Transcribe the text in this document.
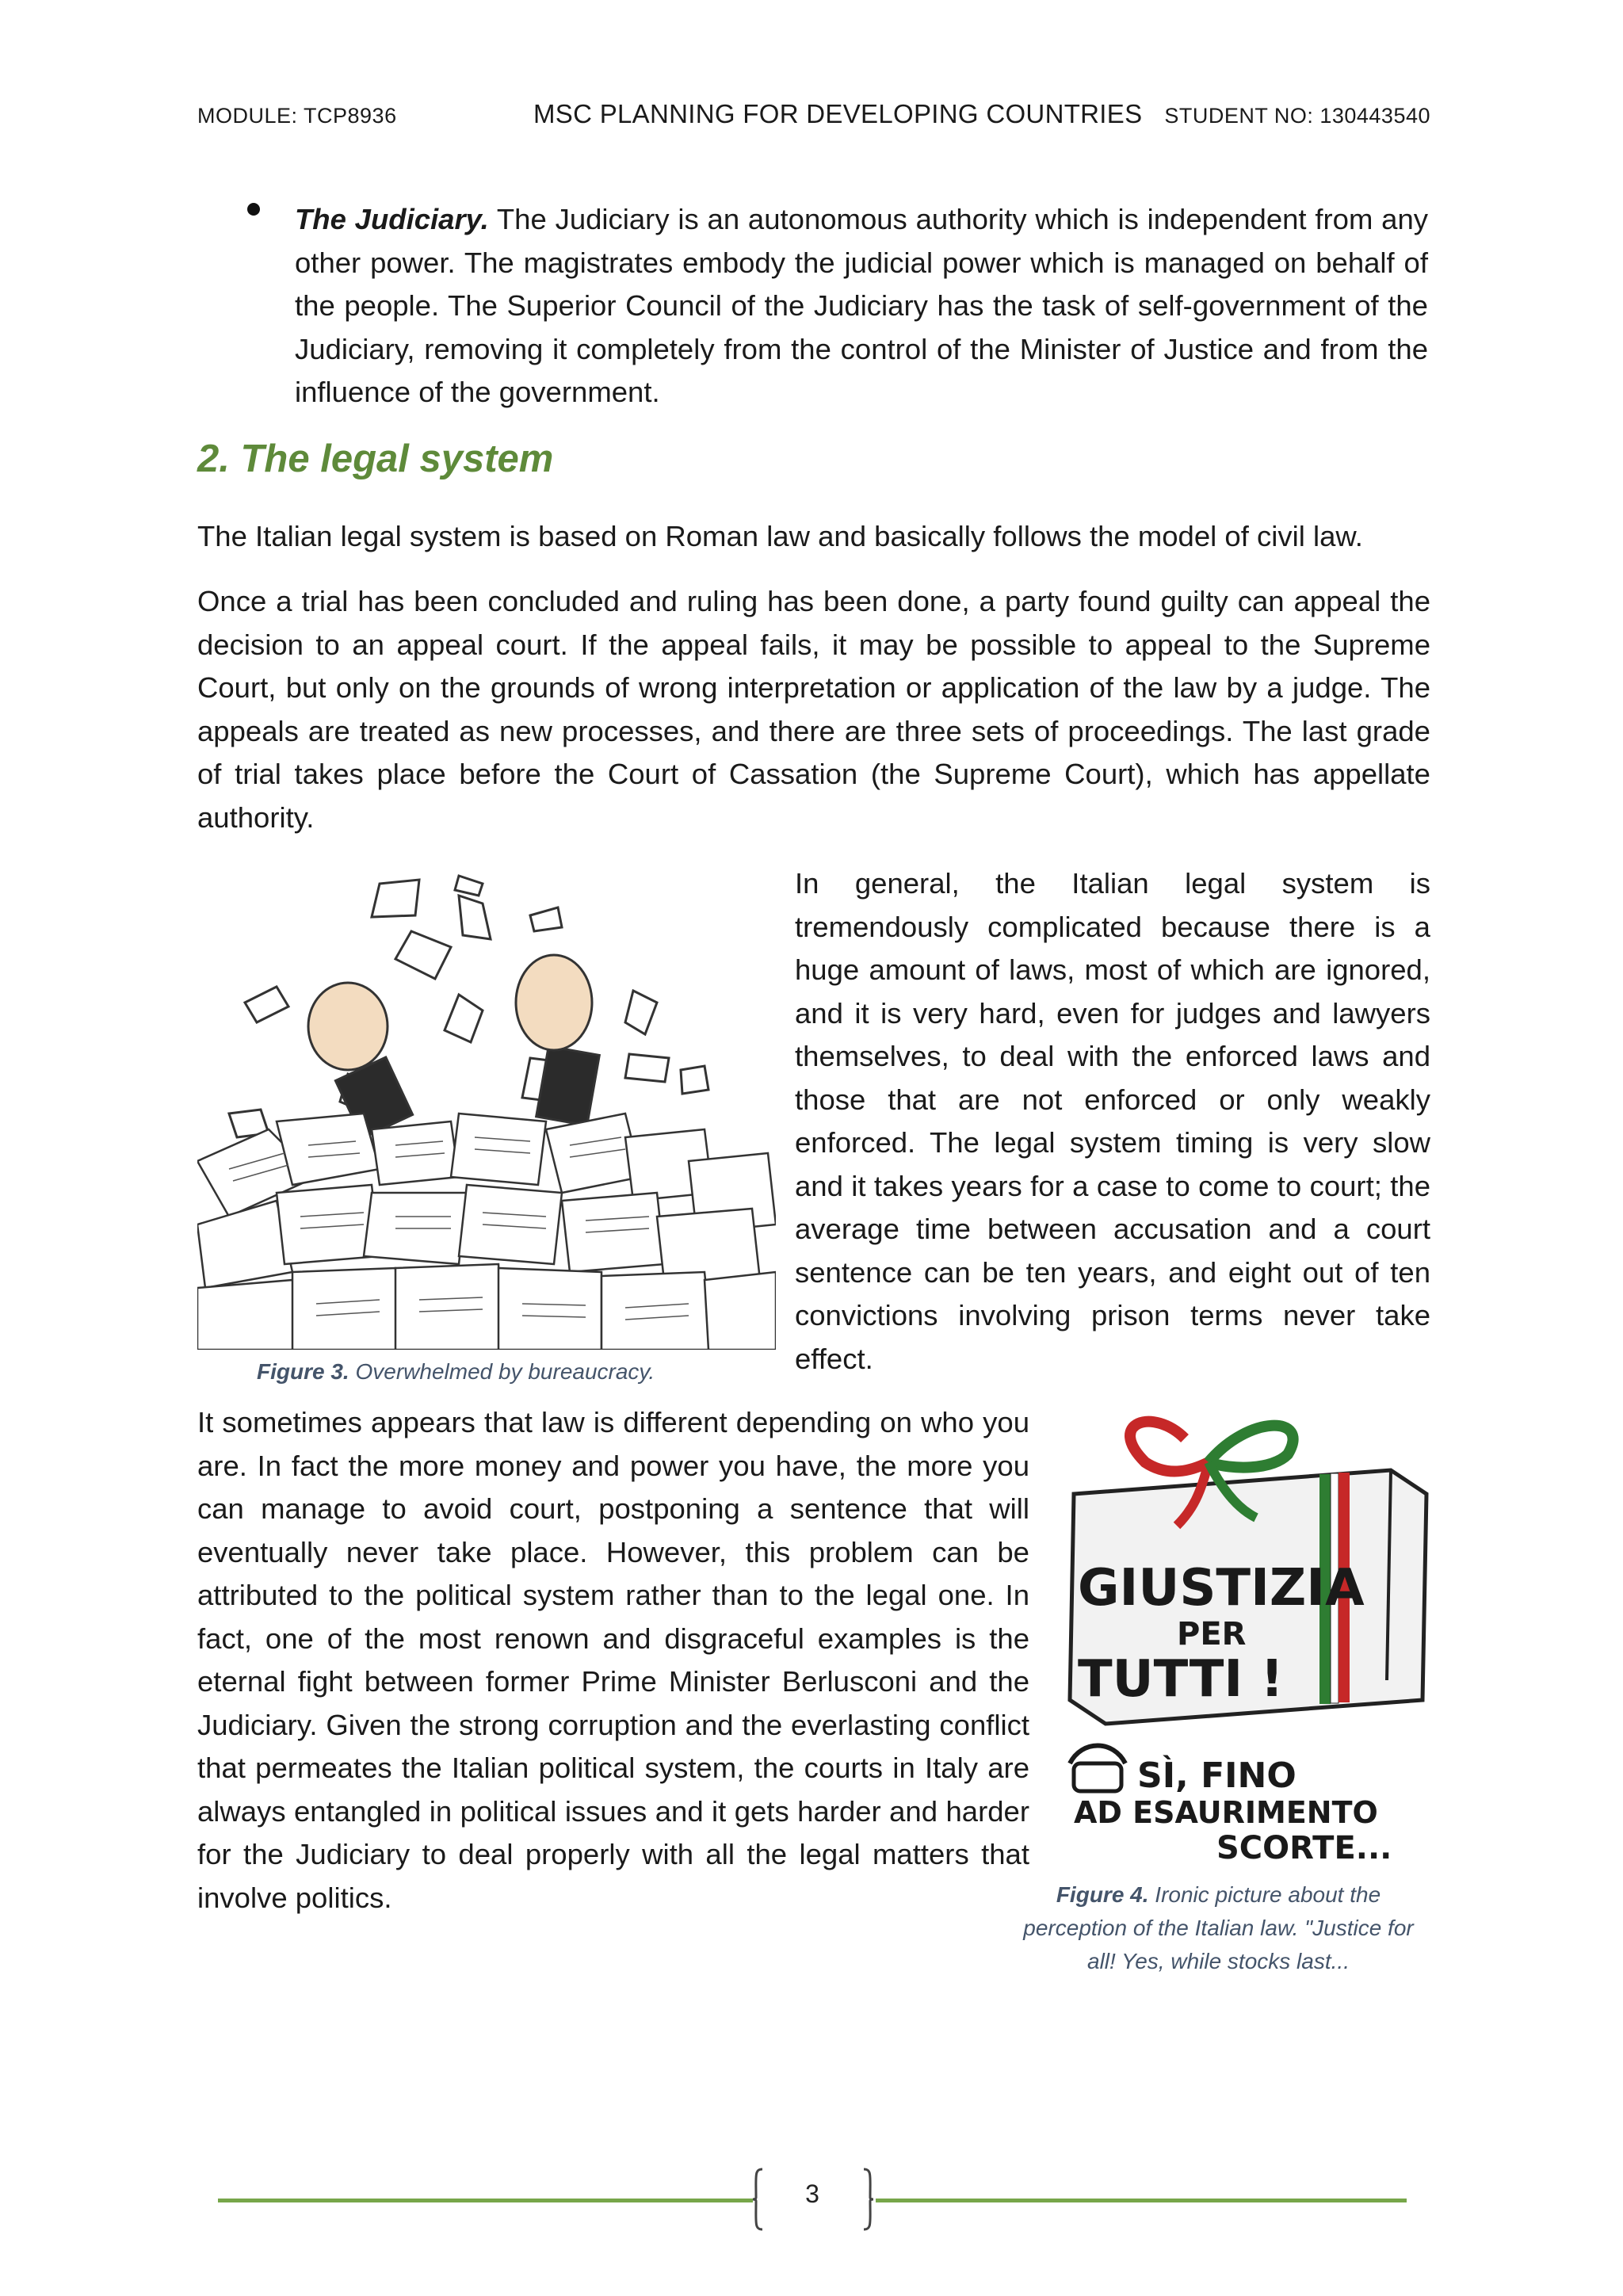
MODULE: TCP8936	MSC PLANNING FOR DEVELOPING COUNTRIES STUDENT NO: 130443540
The Judiciary. The Judiciary is an autonomous authority which is independent from any other power. The magistrates embody the judicial power which is managed on behalf of the people. The Superior Council of the Judiciary has the task of self-government of the Judiciary, removing it completely from the control of the Minister of Justice and from the influence of the government.
2. The legal system
The Italian legal system is based on Roman law and basically follows the model of civil law.
Once a trial has been concluded and ruling has been done, a party found guilty can appeal the decision to an appeal court. If the appeal fails, it may be possible to appeal to the Supreme Court, but only on the grounds of wrong interpretation or application of the law by a judge. The appeals are treated as new processes, and there are three sets of proceedings. The last grade of trial takes place before the Court of Cassation (the Supreme Court), which has appellate authority.
Figure 3. Overwhelmed by bureaucracy.
In general, the Italian legal system is tremendously complicated because there is a huge amount of laws, most of which are ignored, and it is very hard, even for judges and lawyers themselves, to deal with the enforced laws and those that are not enforced or only weakly enforced. The legal system timing is very slow and it takes years for a case to come to court; the average time between accusation and a court sentence can be ten years, and eight out of ten convictions involving prison terms never take effect.
It sometimes appears that law is different depending on who you are. In fact the more money and power you have, the more you can manage to avoid court, postponing a sentence that will eventually never take place. However, this problem can be attributed to the political system rather than to the legal one. In fact, one of the most renown and disgraceful examples is the eternal fight between former Prime Minister Berlusconi and the Judiciary. Given the strong corruption and the everlasting conflict that permeates the Italian political system, the courts in Italy are always entangled in political issues and it gets harder and harder for the Judiciary to deal properly with all the legal matters that involve politics.
GIUSTIZIA
PER
TUTTI !
SÌ, FINO
AD ESAURIMENTO
SCORTE...
Figure 4. Ironic picture about the perception of the Italian law. "Justice for all! Yes, while stocks last...
3
